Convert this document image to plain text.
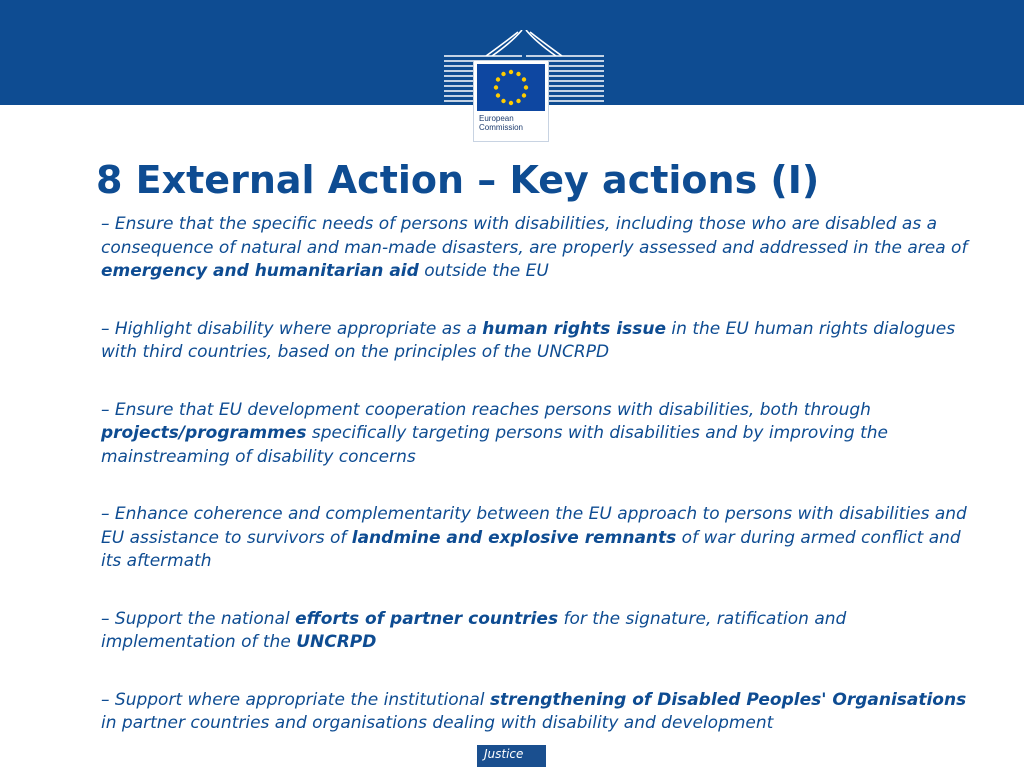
European
Commission
8 External Action – Key actions (I)

– Ensure that the specific needs of persons with disabilities, including those who are disabled as a consequence of natural and man-made disasters, are properly assessed and addressed in the area of emergency and humanitarian aid outside the EU

– Highlight disability where appropriate as a human rights issue in the EU human rights dialogues with third countries, based on the principles of the UNCRPD

– Ensure that EU development cooperation reaches persons with disabilities, both through projects/programmes specifically targeting persons with disabilities and by improving the mainstreaming of disability concerns

– Enhance coherence and complementarity between the EU approach to persons with disabilities and EU assistance to survivors of landmine and explosive remnants of war during armed conflict and its aftermath

– Support the national efforts of partner countries for the signature, ratification and implementation of the UNCRPD

– Support where appropriate the institutional strengthening of Disabled Peoples' Organisations in partner countries and organisations dealing with disability and development

Justice
